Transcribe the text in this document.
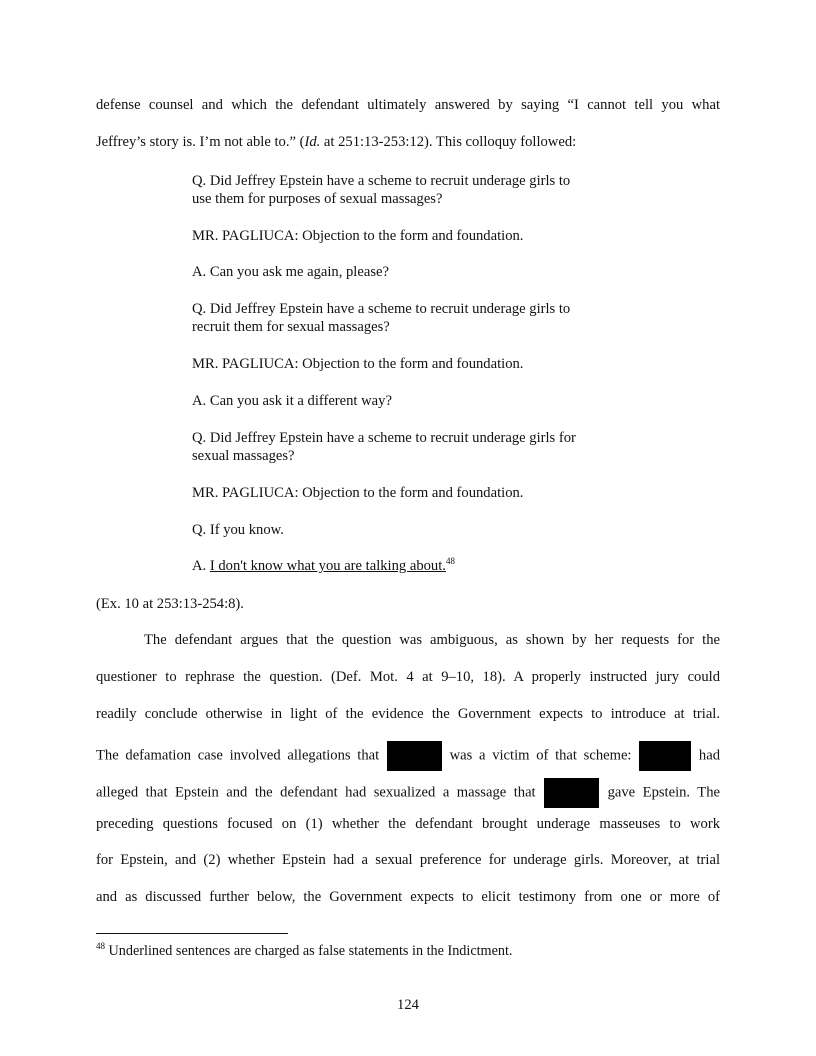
defense counsel and which the defendant ultimately answered by saying “I cannot tell you what
Jeffrey’s story is. I’m not able to.” (Id. at 251:13-253:12). This colloquy followed:
Q. Did Jeffrey Epstein have a scheme to recruit underage girls to
use them for purposes of sexual massages?
MR. PAGLIUCA: Objection to the form and foundation.
A. Can you ask me again, please?
Q. Did Jeffrey Epstein have a scheme to recruit underage girls to
recruit them for sexual massages?
MR. PAGLIUCA: Objection to the form and foundation.
A. Can you ask it a different way?
Q. Did Jeffrey Epstein have a scheme to recruit underage girls for
sexual massages?
MR. PAGLIUCA: Objection to the form and foundation.
Q. If you know.
A. I don't know what you are talking about.$^{48}$
(Ex. 10 at 253:13-254:8).
The defendant argues that the question was ambiguous, as shown by her requests for the
questioner to rephrase the question. (Def. Mot. 4 at 9–10, 18). A properly instructed jury could
readily conclude otherwise in light of the evidence the Government expects to introduce at trial.
The defamation case involved allegations that	was a victim of that scheme:	had
alleged that Epstein and the defendant had sexualized a massage that	gave Epstein. The
preceding questions focused on (1) whether the defendant brought underage masseuses to work
for Epstein, and (2) whether Epstein had a sexual preference for underage girls. Moreover, at trial
and as discussed further below, the Government expects to elicit testimony from one or more of
$^{48}$ Underlined sentences are charged as false statements in the Indictment.
124
